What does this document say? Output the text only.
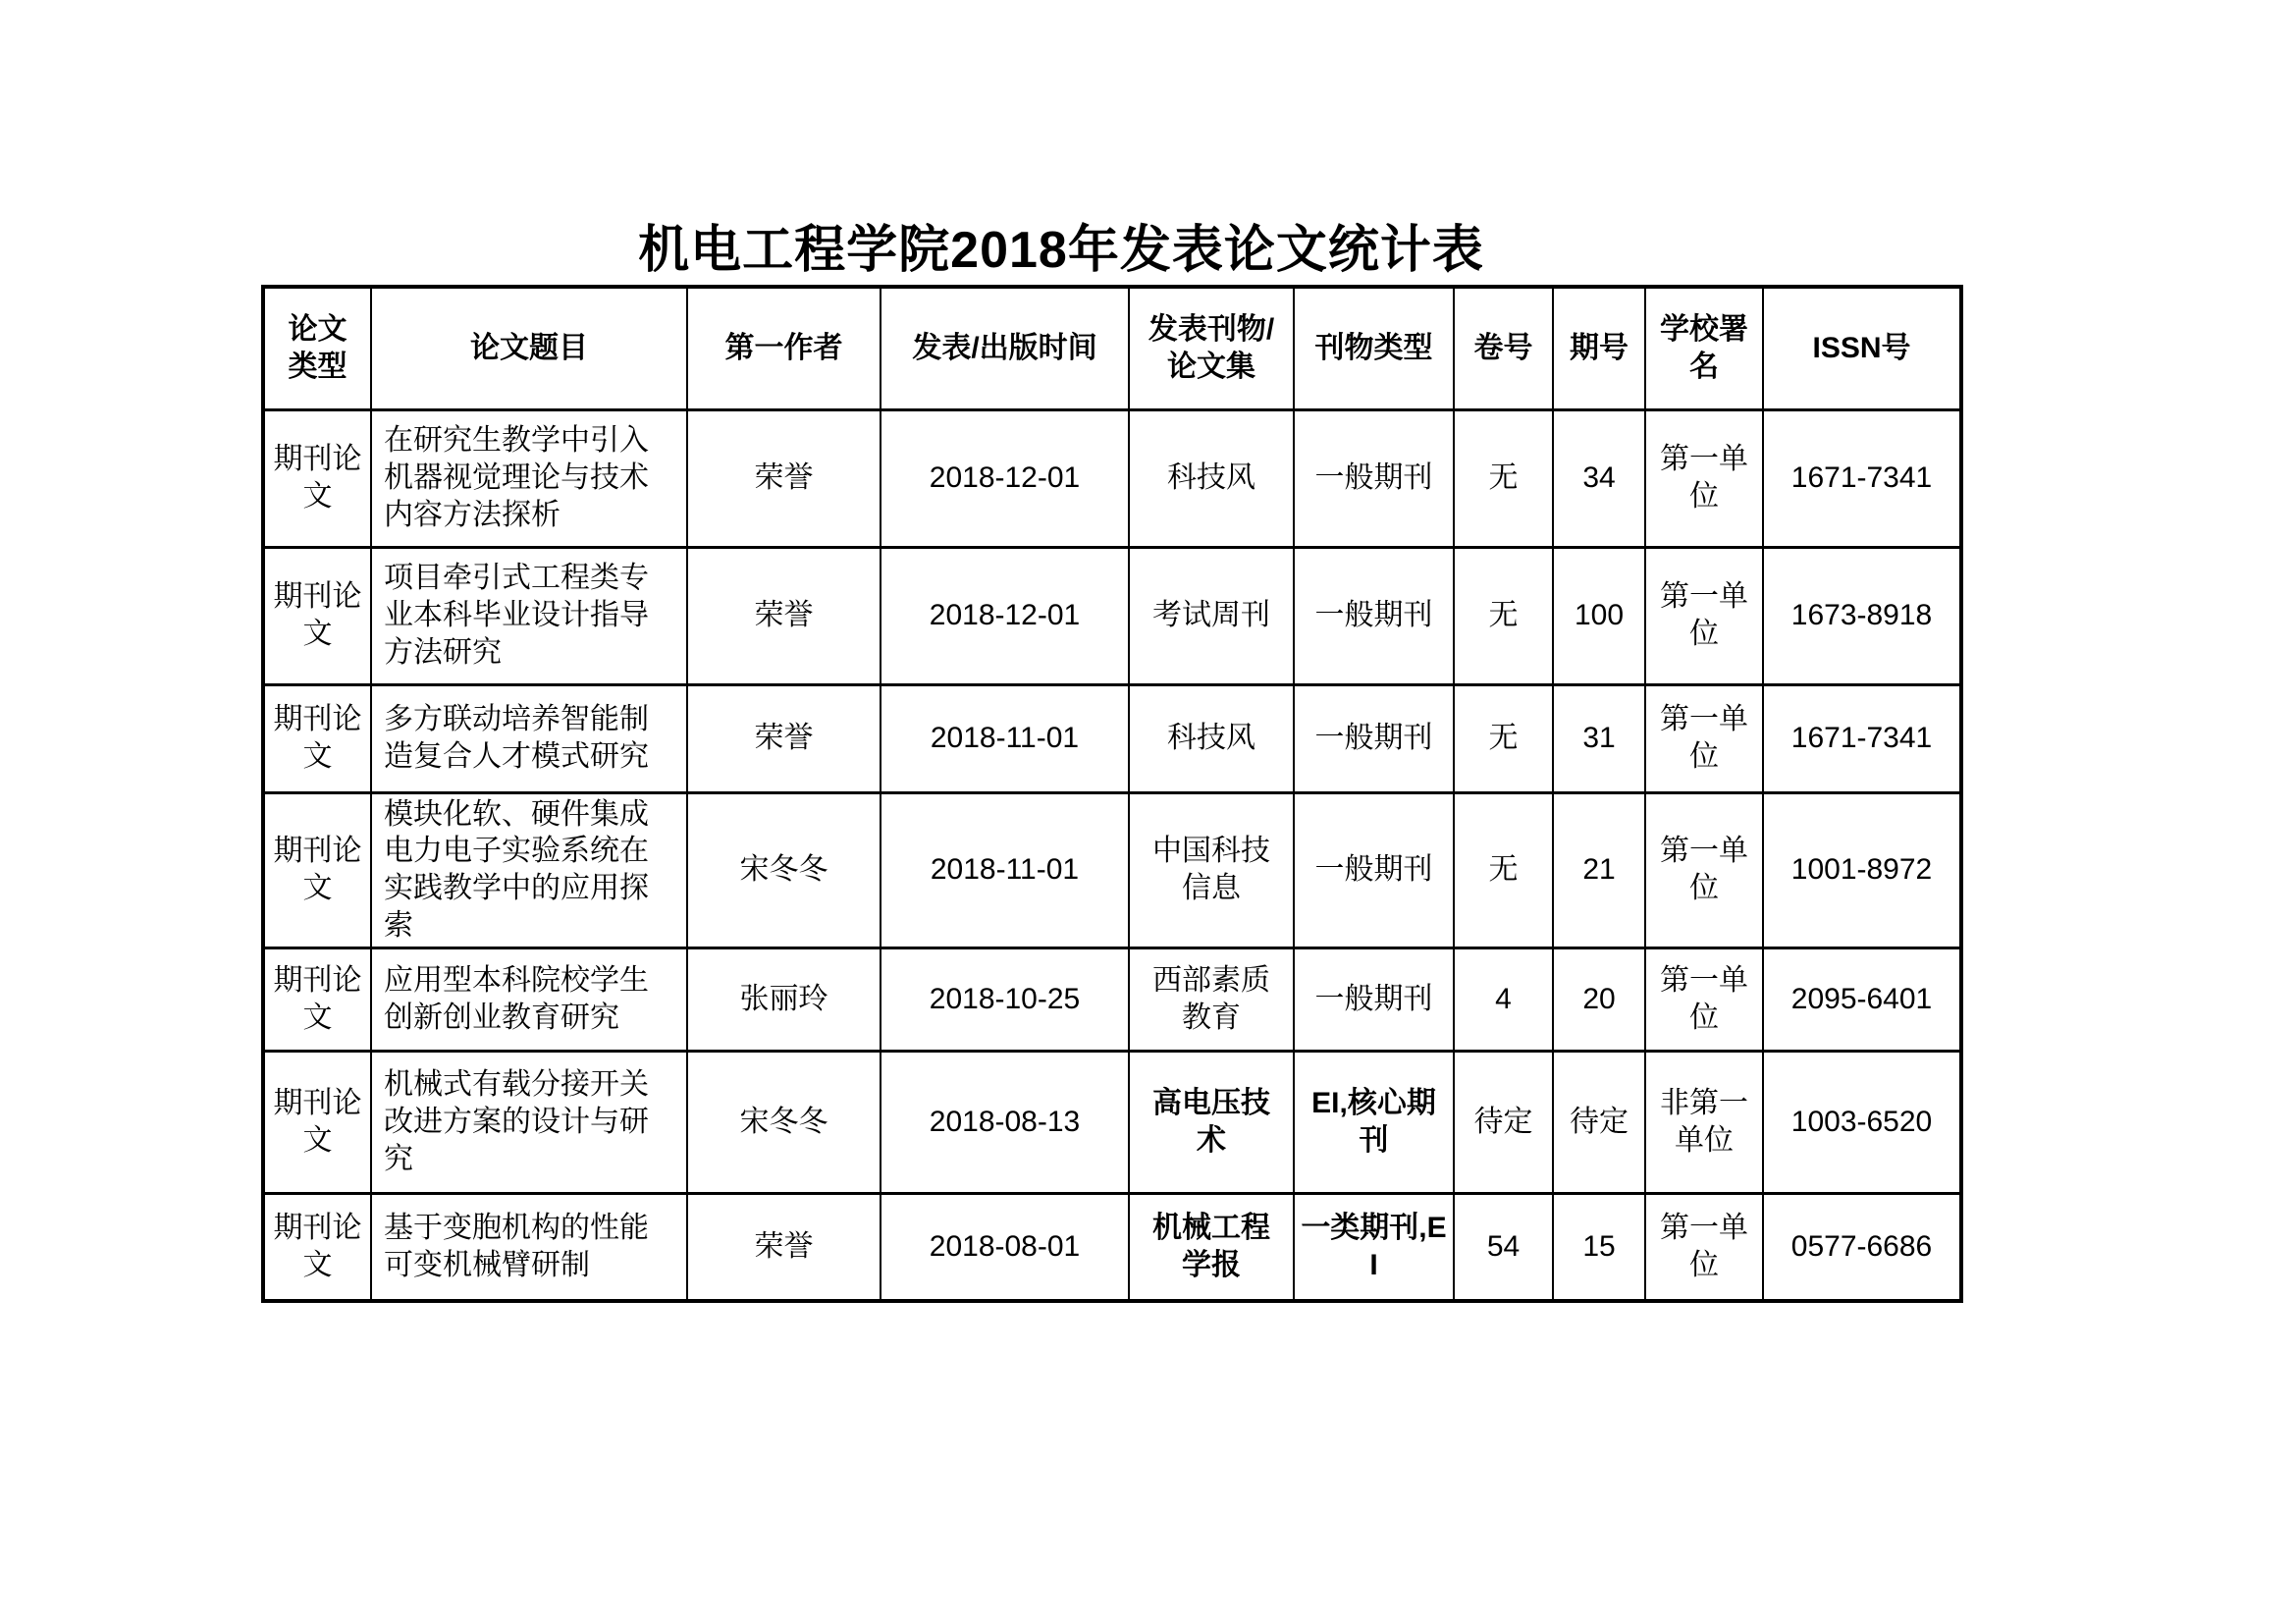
机电工程学院2018年发表论文统计表
论文类型	论文题目	第一作者	发表/出版时间	发表刊物/论文集	刊物类型	卷号	期号	学校署名	ISSN号
期刊论文	在研究生教学中引入机器视觉理论与技术内容方法探析	荣誉	2018-12-01	科技风	一般期刊	无	34	第一单位	1671-7341
期刊论文	项目牵引式工程类专业本科毕业设计指导方法研究	荣誉	2018-12-01	考试周刊	一般期刊	无	100	第一单位	1673-8918
期刊论文	多方联动培养智能制造复合人才模式研究	荣誉	2018-11-01	科技风	一般期刊	无	31	第一单位	1671-7341
期刊论文	模块化软、硬件集成电力电子实验系统在实践教学中的应用探索	宋冬冬	2018-11-01	中国科技信息	一般期刊	无	21	第一单位	1001-8972
期刊论文	应用型本科院校学生创新创业教育研究	张丽玲	2018-10-25	西部素质教育	一般期刊	4	20	第一单位	2095-6401
期刊论文	机械式有载分接开关改进方案的设计与研究	宋冬冬	2018-08-13	高电压技术	EI,核心期刊	待定	待定	非第一单位	1003-6520
期刊论文	基于变胞机构的性能可变机械臂研制	荣誉	2018-08-01	机械工程学报	一类期刊,EI	54	15	第一单位	0577-6686
